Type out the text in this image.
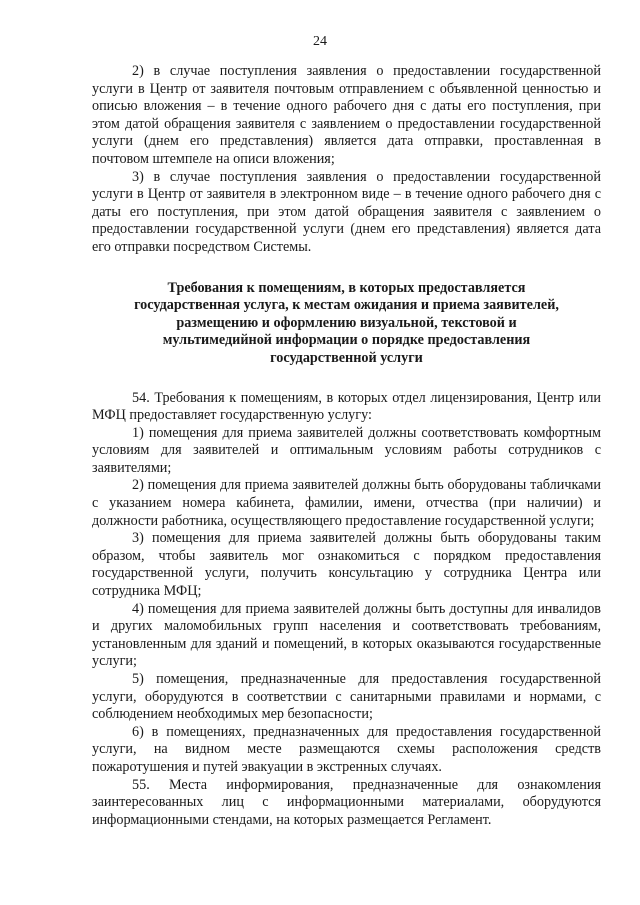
24

2) в случае поступления заявления о предоставлении государственной услуги в Центр от заявителя почтовым отправлением с объявленной ценностью и описью вложения – в течение одного рабочего дня с даты его поступления, при этом датой обращения заявителя с заявлением о предоставлении государственной услуги (днем его представления) является дата отправки, проставленная в почтовом штемпеле на описи вложения;

3) в случае поступления заявления о предоставлении государственной услуги в Центр от заявителя в электронном виде – в течение одного рабочего дня с даты его поступления, при этом датой обращения заявителя с заявлением о предоставлении государственной услуги (днем его представления) является дата его отправки посредством Системы.

Требования к помещениям, в которых предоставляется государственная услуга, к местам ожидания и приема заявителей, размещению и оформлению визуальной, текстовой и мультимедийной информации о порядке предоставления государственной услуги

54. Требования к помещениям, в которых отдел лицензирования, Центр или МФЦ предоставляет государственную услугу:

1) помещения для приема заявителей должны соответствовать комфортным условиям для заявителей и оптимальным условиям работы сотрудников с заявителями;

2) помещения для приема заявителей должны быть оборудованы табличками с указанием номера кабинета, фамилии, имени, отчества (при наличии) и должности работника, осуществляющего предоставление государственной услуги;

3) помещения для приема заявителей должны быть оборудованы таким образом, чтобы заявитель мог ознакомиться с порядком предоставления государственной услуги, получить консультацию у сотрудника Центра или сотрудника МФЦ;

4) помещения для приема заявителей должны быть доступны для инвалидов и других маломобильных групп населения и соответствовать требованиям, установленным для зданий и помещений, в которых оказываются государственные услуги;

5) помещения, предназначенные для предоставления государственной услуги, оборудуются в соответствии с санитарными правилами и нормами, с соблюдением необходимых мер безопасности;

6) в помещениях, предназначенных для предоставления государственной услуги, на видном месте размещаются схемы расположения средств пожаротушения и путей эвакуации в экстренных случаях.

55. Места информирования, предназначенные для ознакомления заинтересованных лиц с информационными материалами, оборудуются информационными стендами, на которых размещается Регламент.
